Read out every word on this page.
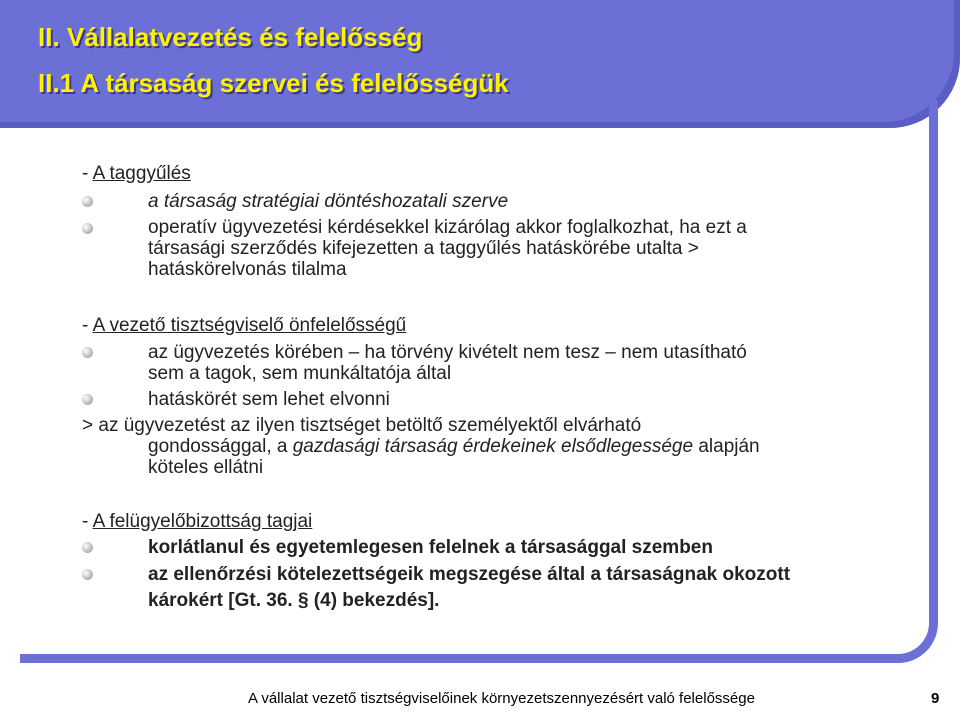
II. Vállalatvezetés és felelősség
II.1 A társaság szervei és felelősségük
- A taggyűlés
a társaság stratégiai döntéshozatali szerve
operatív ügyvezetési kérdésekkel kizárólag akkor foglalkozhat, ha ezt a
társasági szerződés kifejezetten a taggyűlés hatáskörébe utalta >
hatáskörelvonás tilalma
- A vezető tisztségviselő önfelelősségű
az ügyvezetés körében – ha törvény kivételt nem tesz – nem utasítható
sem a tagok, sem munkáltatója által
hatáskörét sem lehet elvonni
> az ügyvezetést az ilyen tisztséget betöltő személyektől elvárható
gondossággal, a gazdasági társaság érdekeinek elsődlegessége alapján
köteles ellátni
- A felügyelőbizottság tagjai
korlátlanul és egyetemlegesen felelnek a társasággal szemben
az ellenőrzési kötelezettségeik megszegése által a társaságnak okozott
károkért [Gt. 36. § (4) bekezdés].
A vállalat vezető tisztségviselőinek környezetszennyezésért való felelőssége	9
